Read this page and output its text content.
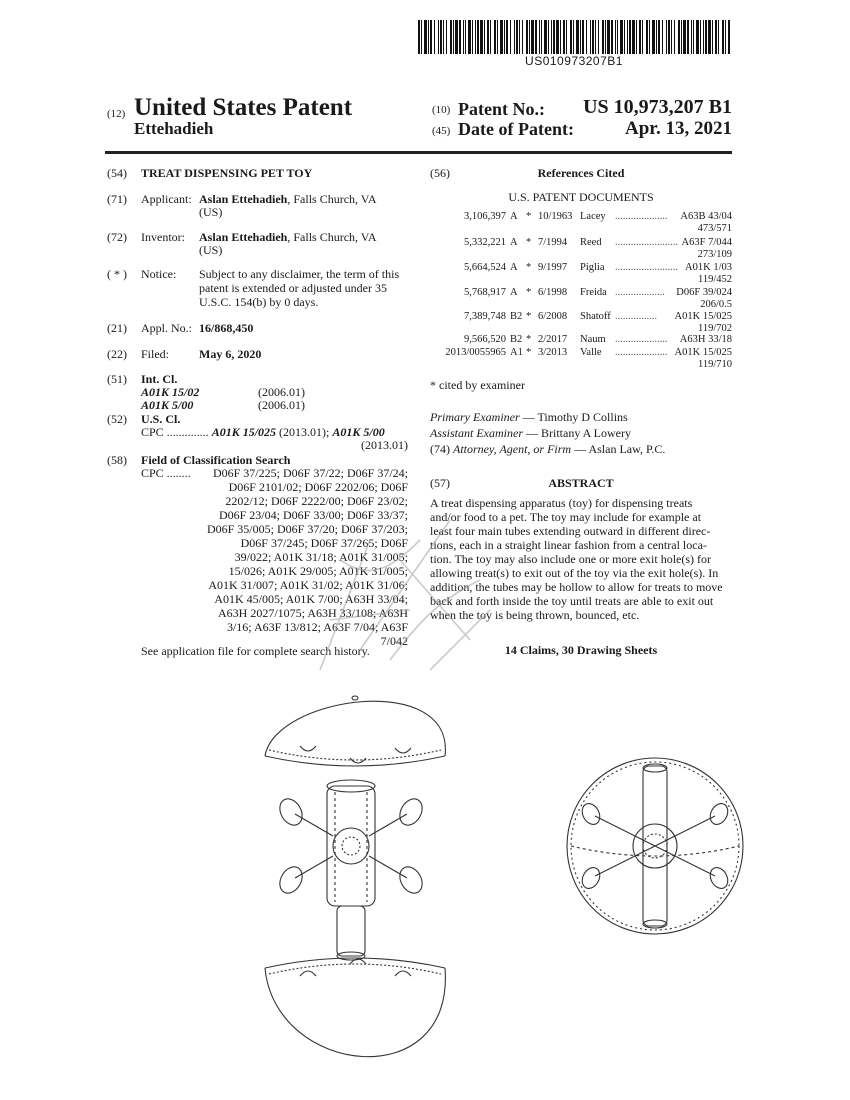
US010973207B1
(12) United States Patent
Ettehadieh
(10) Patent No.:	US 10,973,207 B1
(45) Date of Patent:	Apr. 13, 2021
(54) TREAT DISPENSING PET TOY
(71) Applicant: Aslan Ettehadieh, Falls Church, VA
(US)
(72) Inventor: Aslan Ettehadieh, Falls Church, VA
(US)
( * ) Notice: Subject to any disclaimer, the term of this
patent is extended or adjusted under 35
U.S.C. 154(b) by 0 days.
(21) Appl. No.: 16/868,450
(22) Filed: May 6, 2020
(51) Int. Cl.
A01K 15/02	(2006.01)
A01K 5/00	(2006.01)
(52) U.S. Cl.
CPC .............. A01K 15/025 (2013.01); A01K 5/00
(2013.01)
(58) Field of Classification Search
CPC ........	D06F 37/225; D06F 37/22; D06F 37/24;
D06F 2101/02; D06F 2202/06; D06F
2202/12; D06F 2222/00; D06F 23/02;
D06F 23/04; D06F 33/00; D06F 33/37;
D06F 35/005; D06F 37/20; D06F 37/203;
D06F 37/245; D06F 37/265; D06F
39/022; A01K 31/18; A01K 31/005;
15/026; A01K 29/005; A01K 31/005;
A01K 31/007; A01K 31/02; A01K 31/06;
A01K 45/005; A01K 7/00; A63H 33/04;
A63H 2027/1075; A63H 33/108; A63H
3/16; A63F 13/812; A63F 7/04; A63F
7/042
See application file for complete search history.
(56)	References Cited
U.S. PATENT DOCUMENTS
3,106,397 A * 10/1963 Lacey ....................	A63B 43/04
473/571
5,332,221 A * 7/1994 Reed ........................ A63F 7/044
273/109
5,664,524 A * 9/1997 Piglia ........................ A01K 1/03
119/452
5,768,917 A * 6/1998 Freida ...................	D06F 39/024
206/0.5
7,389,748 B2 * 6/2008 Shatoff ................	A01K 15/025
119/702
9,566,520 B2 * 2/2017 Naum ....................	A63H 33/18
2013/0055965 A1 * 3/2013 Valle .................... A01K 15/025
119/710
* cited by examiner
Primary Examiner — Timothy D Collins
Assistant Examiner — Brittany A Lowery
(74) Attorney, Agent, or Firm — Aslan Law, P.C.
(57)	ABSTRACT
A treat dispensing apparatus (toy) for dispensing treats
and/or food to a pet. The toy may include for example at
least four main tubes extending outward in different direc-
tions, each in a straight linear fashion from a central loca-
tion. The toy may also include one or more exit hole(s) for
allowing treat(s) to exit out of the toy via the exit hole(s). In
addition, the tubes may be hollow to allow for treats to move
back and forth inside the toy until treats are able to exit out
when the toy is being thrown, bounced, etc.
14 Claims, 30 Drawing Sheets
